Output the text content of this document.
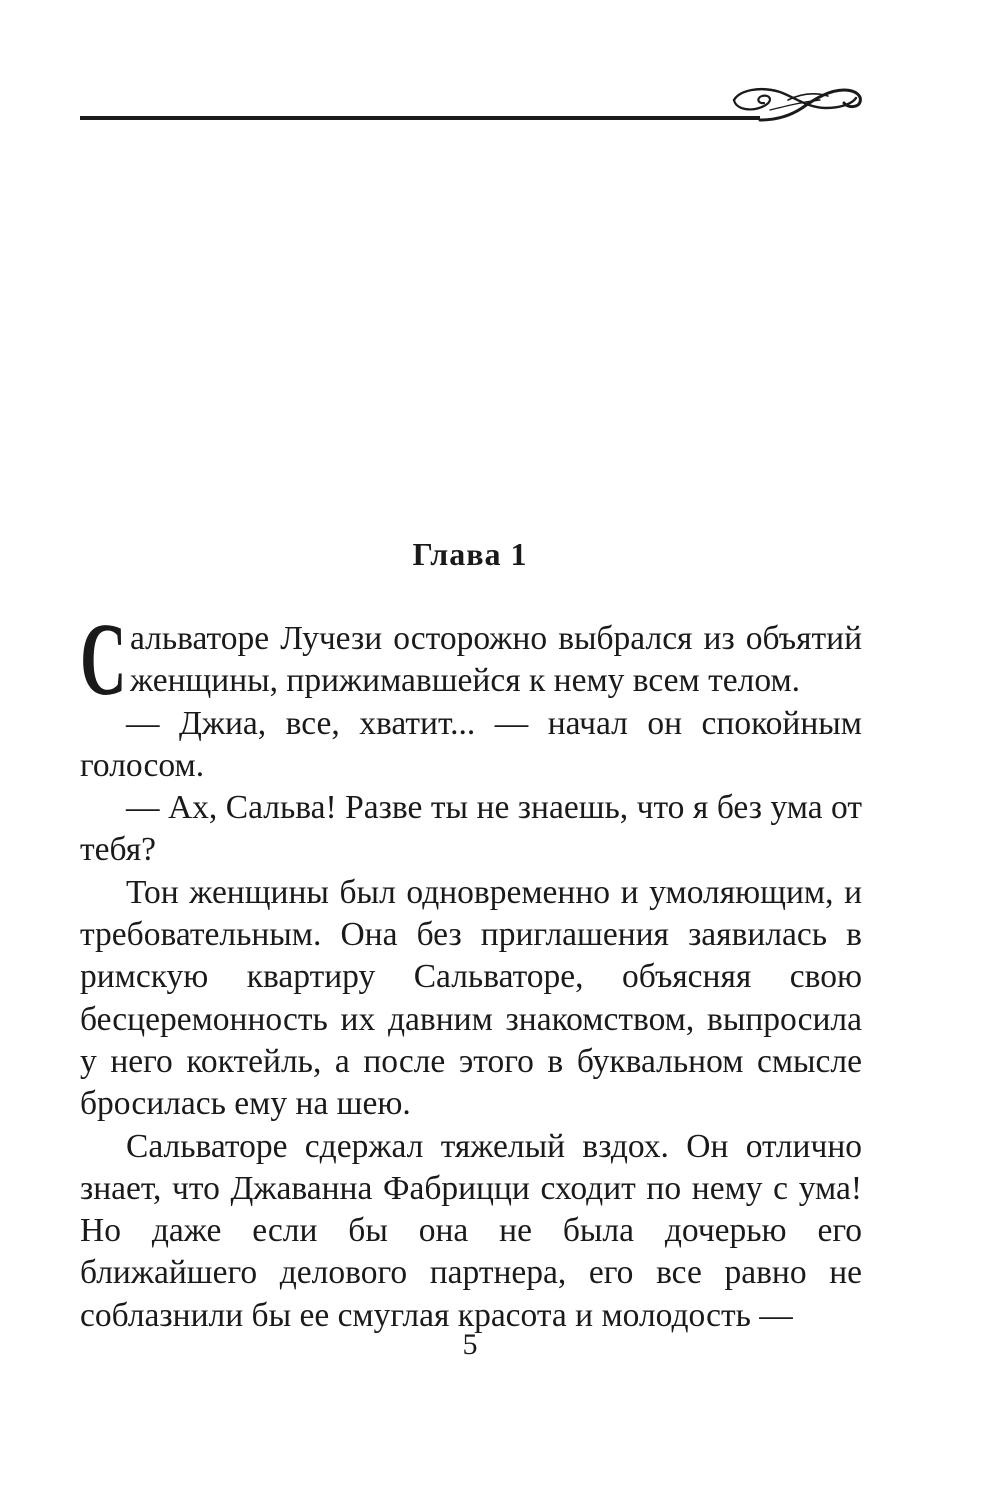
Глава 1

Сальваторе Лучези осторожно выбрался из объятий женщины, прижимавшейся к нему всем телом.

— Джиа, все, хватит... — начал он спокойным голосом.

— Ах, Сальва! Разве ты не знаешь, что я без ума от тебя?

Тон женщины был одновременно и умоляющим, и требовательным. Она без приглашения заявилась в римскую квартиру Сальваторе, объясняя свою бесцеремонность их давним знакомством, выпросила у него коктейль, а после этого в буквальном смысле бросилась ему на шею.

Сальваторе сдержал тяжелый вздох. Он отлично знает, что Джаванна Фабрицци сходит по нему с ума! Но даже если бы она не была дочерью его ближайшего делового партнера, его все равно не соблазнили бы ее смуглая красота и молодость —

5
